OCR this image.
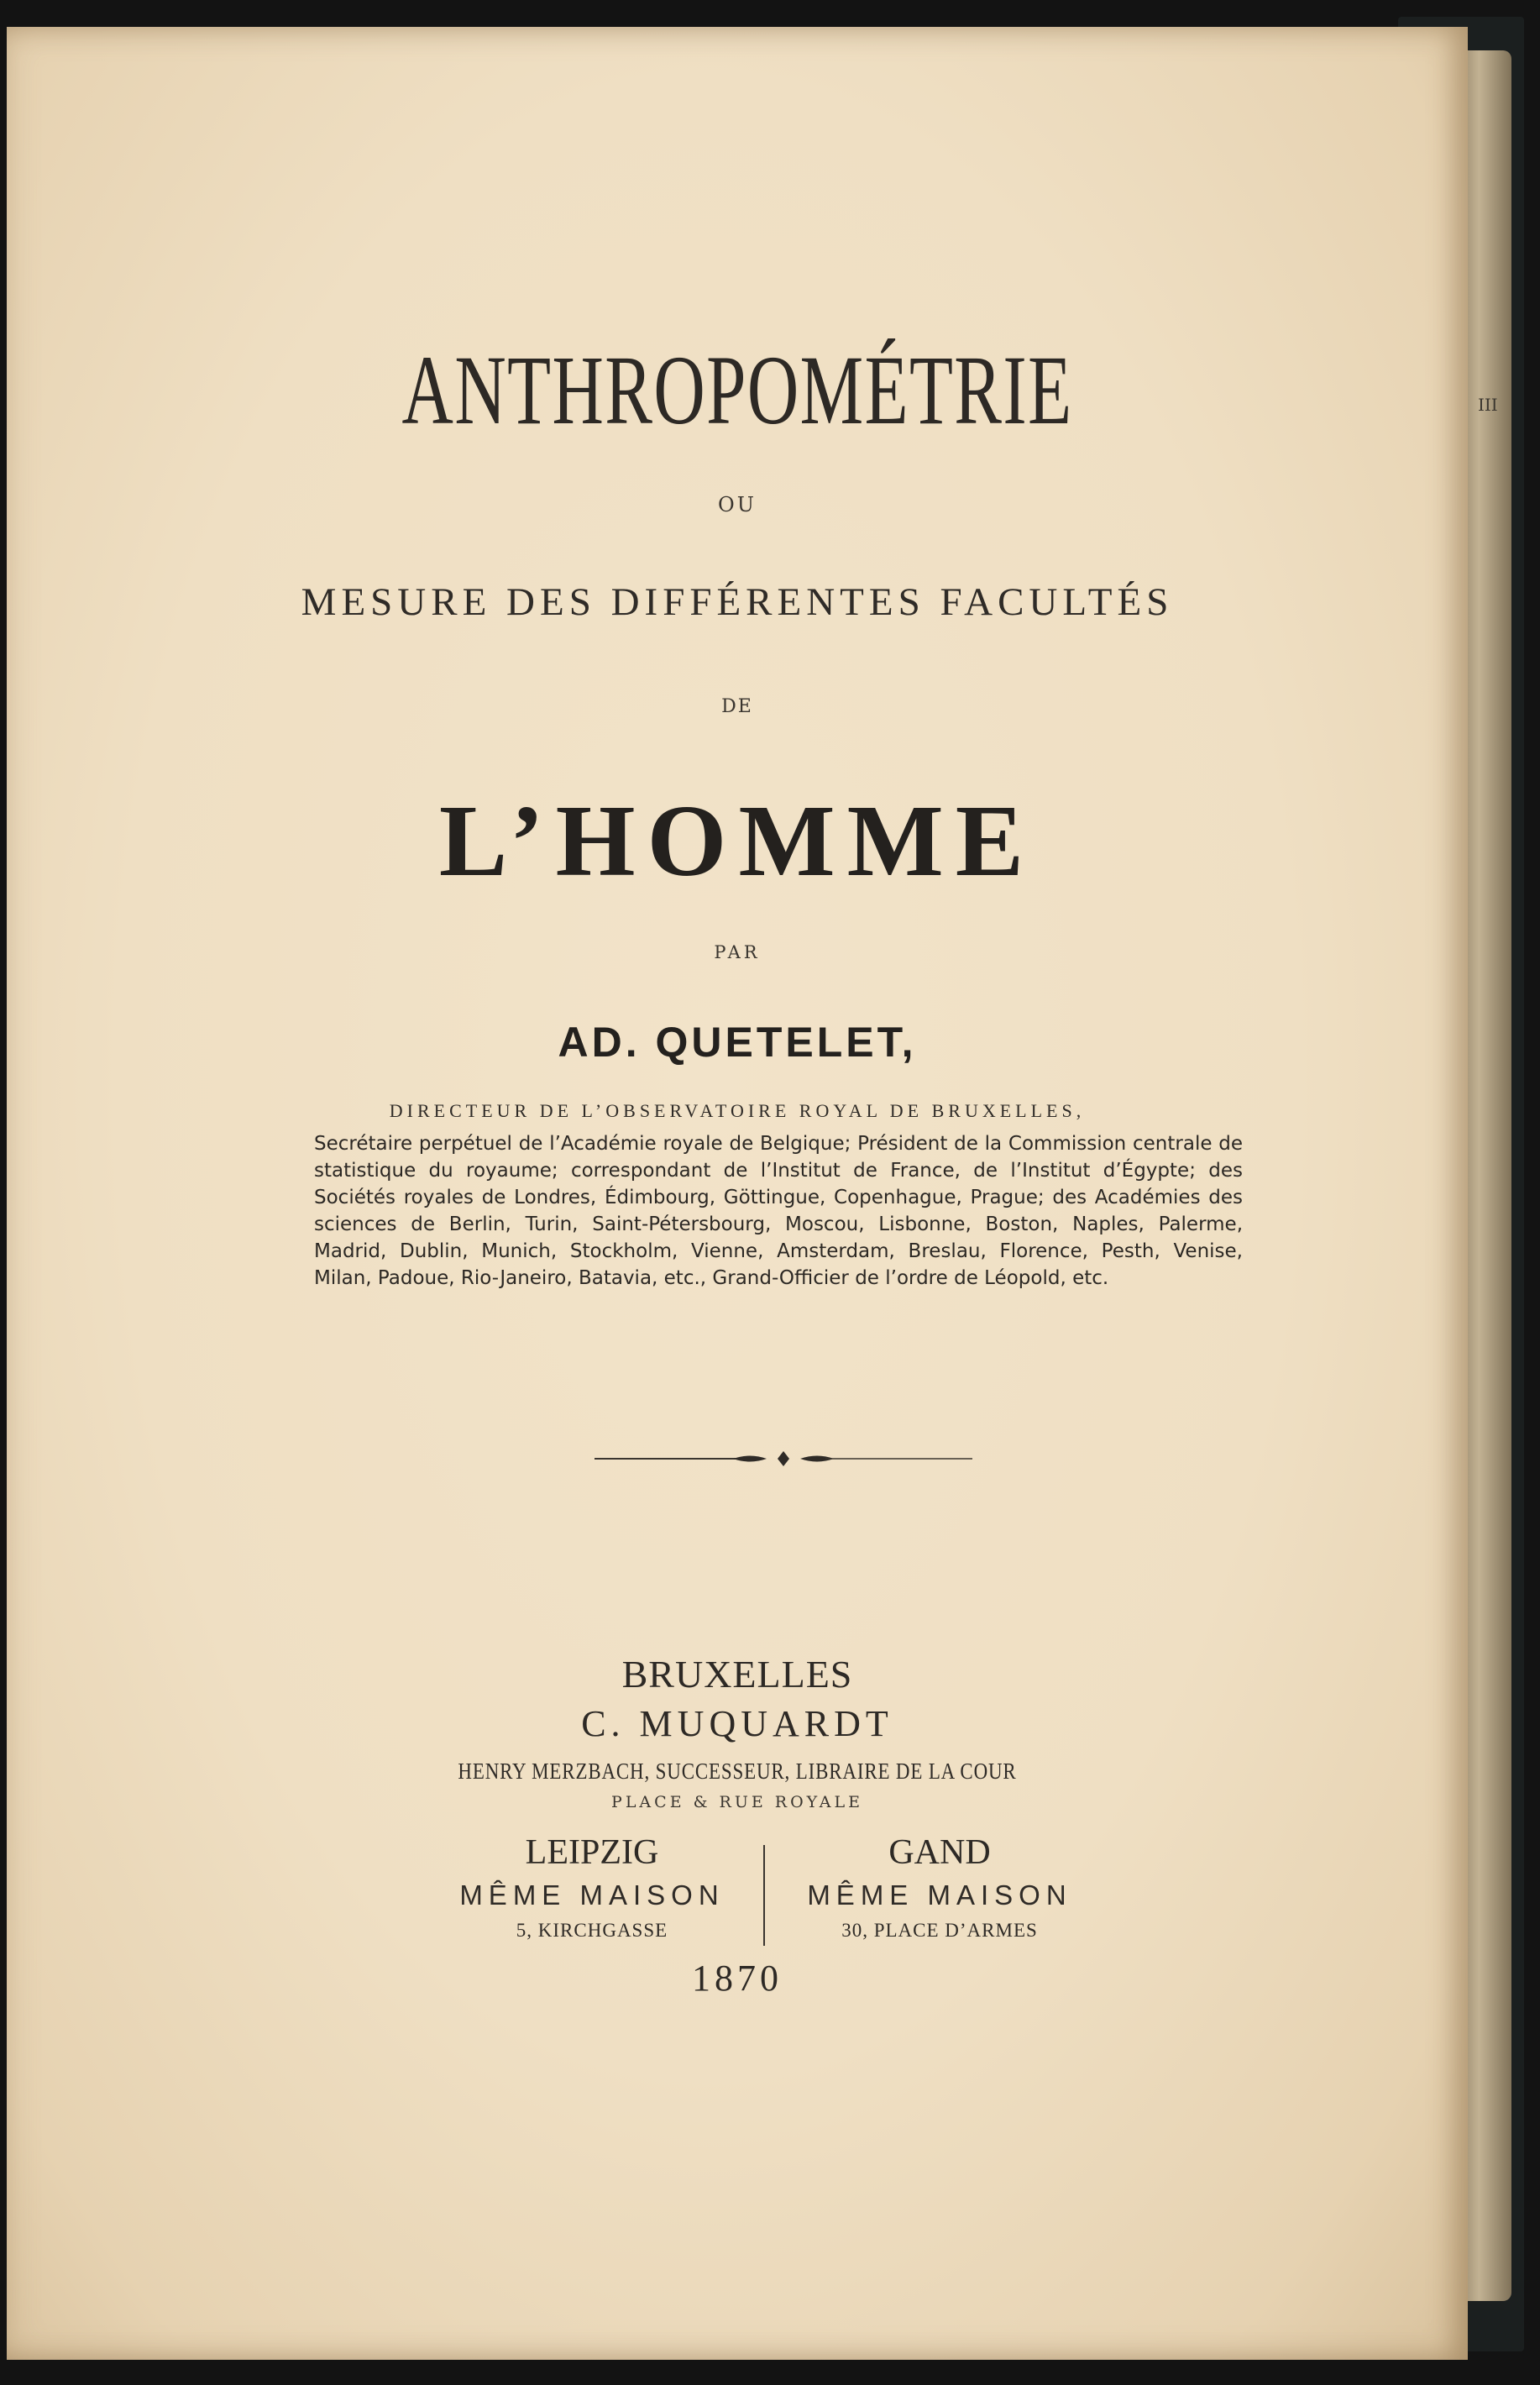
III
ANTHROPOMÉTRIE
OU
MESURE DES DIFFÉRENTES FACULTÉS
DE
L’HOMME
PAR
AD. QUETELET,
DIRECTEUR DE L’OBSERVATOIRE ROYAL DE BRUXELLES,
Secrétaire perpétuel de l’Académie royale de Belgique; Président de la Commission centrale de statistique du royaume; correspondant de l’Institut de France, de l’Institut d’Égypte; des Sociétés royales de Londres, Édimbourg, Göttingue, Copenhague, Prague; des Académies des sciences de Berlin, Turin, Saint-Pétersbourg, Moscou, Lisbonne, Boston, Naples, Palerme, Madrid, Dublin, Munich, Stockholm, Vienne, Amsterdam, Breslau, Florence, Pesth, Venise, Milan, Padoue, Rio-Janeiro, Batavia, etc., Grand-Officier de l’ordre de Léopold, etc.
BRUXELLES
C. MUQUARDT
HENRY MERZBACH, SUCCESSEUR, LIBRAIRE DE LA COUR
PLACE & RUE ROYALE
LEIPZIG
MÊME MAISON
5, KIRCHGASSE
GAND
MÊME MAISON
30, PLACE D’ARMES
1870
